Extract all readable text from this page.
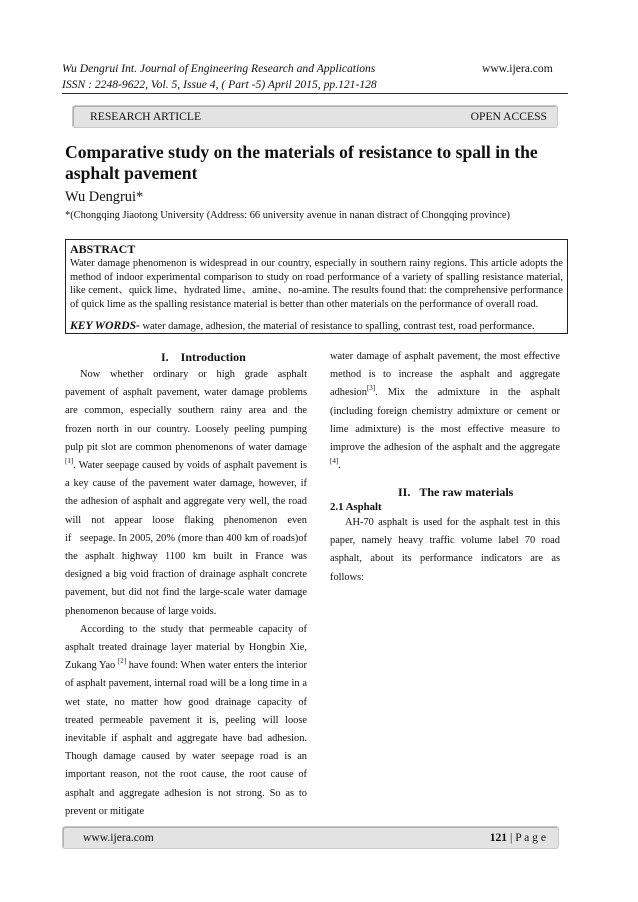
Wu Dengrui Int. Journal of Engineering Research and Applications	www.ijera.com
ISSN : 2248-9622, Vol. 5, Issue 4, ( Part -5) April 2015, pp.121-128
RESEARCH ARTICLE	OPEN ACCESS
Comparative study on the materials of resistance to spall in the asphalt pavement
Wu Dengrui*
*(Chongqing Jiaotong University (Address: 66 university avenue in nanan distract of Chongqing province)
ABSTRACT
Water damage phenomenon is widespread in our country, especially in southern rainy regions. This article adopts the method of indoor experimental comparison to study on road performance of a variety of spalling resistance material, like cement、quick lime、hydrated lime、amine、no-amine. The results found that: the comprehensive performance of quick lime as the spalling resistance material is better than other materials on the performance of overall road.
KEY WORDS- water damage, adhesion, the material of resistance to spalling, contrast test, road performance.
I.    Introduction

Now whether ordinary or high grade asphalt pavement of asphalt pavement, water damage problems are common, especially southern rainy area and the frozen north in our country. Loosely peeling pumping pulp pit slot are common phenomenons of water damage [1]. Water seepage caused by voids of asphalt pavement is a key cause of the pavement water damage, however, if the adhesion of asphalt and aggregate very well, the road will not appear loose flaking phenomenon even if   seepage. In 2005, 20% (more than 400 km of roads)of the asphalt highway 1100 km built in France was designed a big void fraction of drainage asphalt concrete pavement, but did not find the large-scale water damage phenomenon because of large voids.

According to the study that permeable capacity of asphalt treated drainage layer material by Hongbin Xie, Zukang Yao [2] have found: When water enters the interior of asphalt pavement, internal road will be a long time in a wet state, no matter how good drainage capacity of treated permeable pavement it is, peeling will loose inevitable if asphalt and aggregate have bad adhesion. Though damage caused by water seepage road is an important reason, not the root cause, the root cause of asphalt and aggregate adhesion is not strong. So as to prevent or mitigate

water damage of asphalt pavement, the most effective method is to increase the asphalt and aggregate adhesion[3]. Mix the admixture in the asphalt (including foreign chemistry admixture or cement or lime admixture) is the most effective measure to improve the adhesion of the asphalt and the aggregate [4].

II.   The raw materials
2.1 Asphalt

AH-70 asphalt is used for the asphalt test in this paper, namely heavy traffic volume label 70 road asphalt, about its performance indicators are as follows:

www.ijera.com	121 | P a g e
